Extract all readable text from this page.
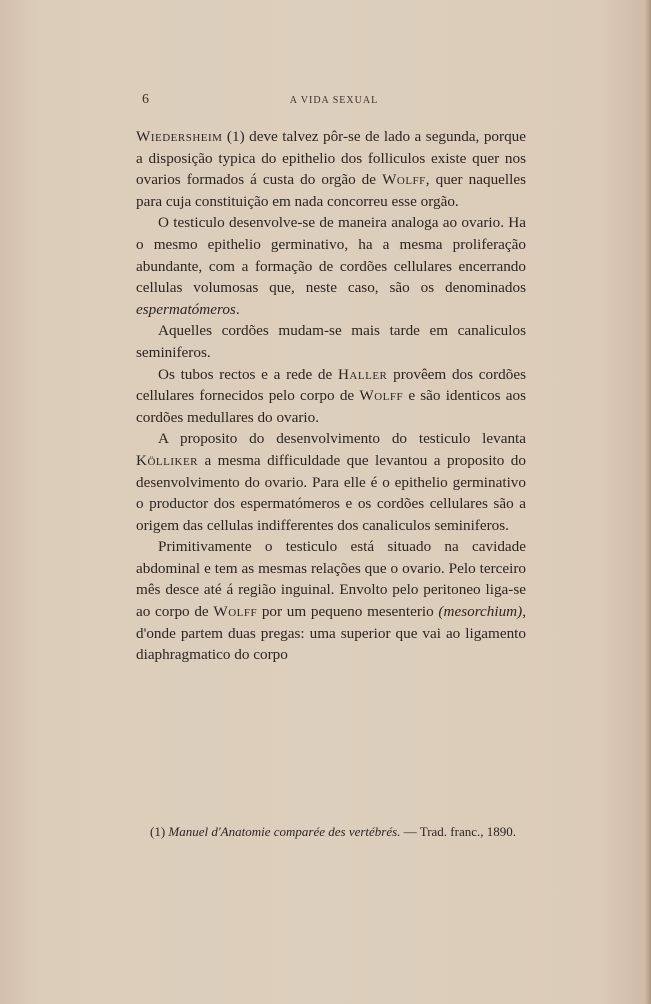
6	A VIDA SEXUAL

Wiedersheim (1) deve talvez pôr-se de lado a segunda, porque a disposição typica do epithelio dos folliculos existe quer nos ovarios formados á custa do orgão de Wolff, quer naquelles para cuja constituição em nada concorreu esse orgão.

O testiculo desenvolve-se de maneira analoga ao ovario. Ha o mesmo epithelio germinativo, ha a mesma proliferação abundante, com a formação de cordões cellulares encerrando cellulas volumosas que, neste caso, são os denominados espermatómeros.

Aquelles cordões mudam-se mais tarde em canaliculos seminiferos.

Os tubos rectos e a rede de Haller provêem dos cordões cellulares fornecidos pelo corpo de Wolff e são identicos aos cordões medullares do ovario.

A proposito do desenvolvimento do testiculo levanta Kölliker a mesma difficuldade que levantou a proposito do desenvolvimento do ovario. Para elle é o epithelio germinativo o productor dos espermatómeros e os cordões cellulares são a origem das cellulas indifferentes dos canaliculos seminiferos.

Primitivamente o testiculo está situado na cavidade abdominal e tem as mesmas relações que o ovario. Pelo terceiro mês desce até á região inguinal. Envolto pelo peritoneo liga-se ao corpo de Wolff por um pequeno mesenterio (mesorchium), d'onde partem duas pregas: uma superior que vai ao ligamento diaphragmatico do corpo

(1) Manuel d'Anatomie comparée des vertébrés. — Trad. franc., 1890.
